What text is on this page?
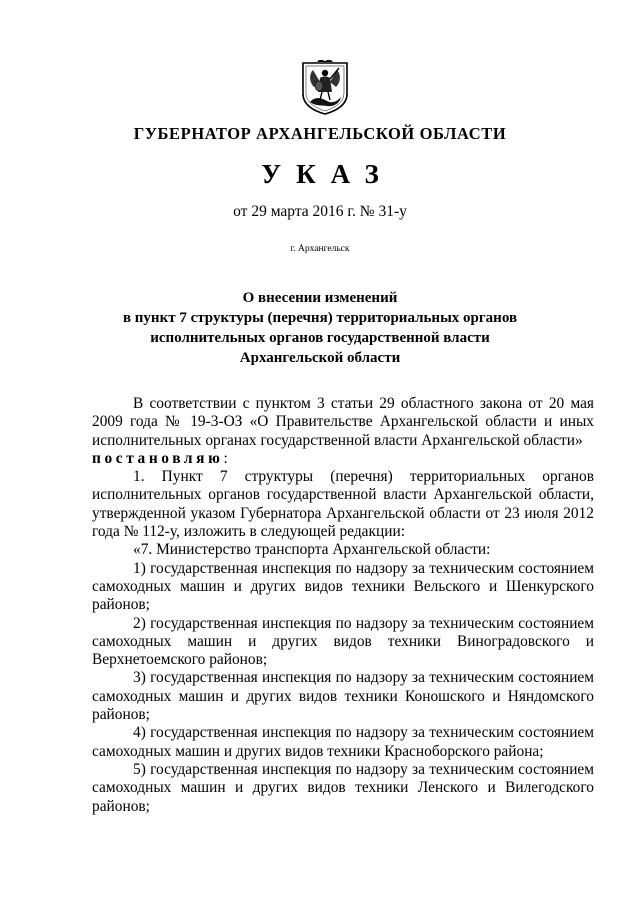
ГУБЕРНАТОР АРХАНГЕЛЬСКОЙ ОБЛАСТИ
УКАЗ
от 29 марта 2016 г. № 31-у
г. Архангельск
О внесении изменений
в пункт 7 структуры (перечня) территориальных органов
исполнительных органов государственной власти
Архангельской области

В соответствии с пунктом 3 статьи 29 областного закона от 20 мая 2009 года № 19-3-ОЗ «О Правительстве Архангельской области и иных исполнительных органах государственной власти Архангельской области»

постановляю:

1. Пункт 7 структуры (перечня) территориальных органов исполнительных органов государственной власти Архангельской области, утвержденной указом Губернатора Архангельской области от 23 июля 2012 года № 112-у, изложить в следующей редакции:

«7. Министерство транспорта Архангельской области:

1) государственная инспекция по надзору за техническим состоянием самоходных машин и других видов техники Вельского и Шенкурского районов;

2) государственная инспекция по надзору за техническим состоянием самоходных машин и других видов техники Виноградовского и Верхнетоемского районов;

3) государственная инспекция по надзору за техническим состоянием самоходных машин и других видов техники Коношского и Няндомского районов;

4) государственная инспекция по надзору за техническим состоянием самоходных машин и других видов техники Красноборского района;

5) государственная инспекция по надзору за техническим состоянием самоходных машин и других видов техники Ленского и Вилегодского районов;
